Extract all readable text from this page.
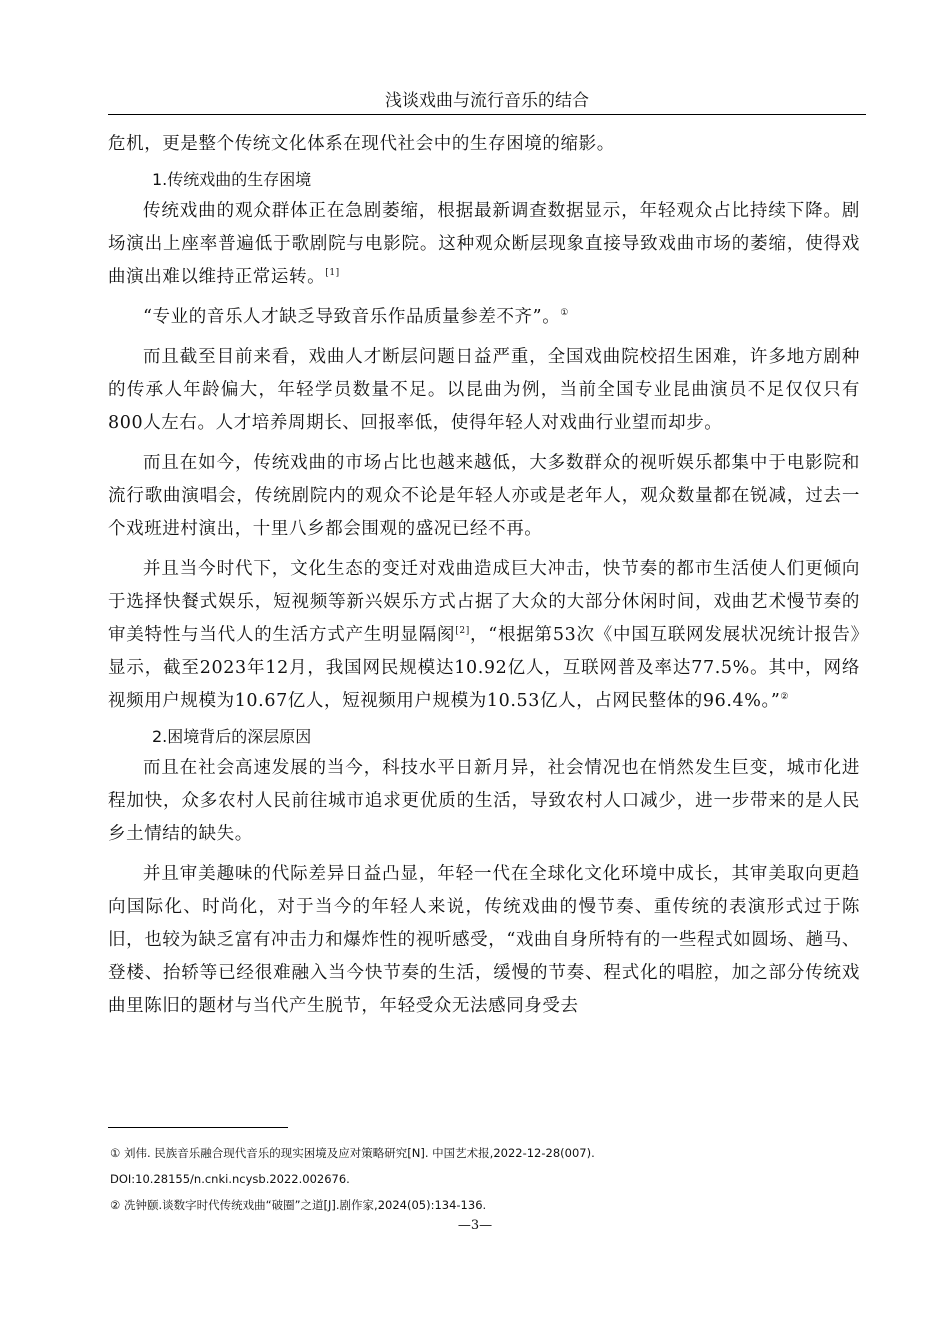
浅谈戏曲与流行音乐的结合

危机，更是整个传统文化体系在现代社会中的生存困境的缩影。

1.传统戏曲的生存困境

传统戏曲的观众群体正在急剧萎缩，根据最新调查数据显示，年轻观众占比持续下降。剧场演出上座率普遍低于歌剧院与电影院。这种观众断层现象直接导致戏曲市场的萎缩，使得戏曲演出难以维持正常运转。[1]

“专业的音乐人才缺乏导致音乐作品质量参差不齐”。①

而且截至目前来看，戏曲人才断层问题日益严重，全国戏曲院校招生困难，许多地方剧种的传承人年龄偏大，年轻学员数量不足。以昆曲为例，当前全国专业昆曲演员不足仅仅只有800人左右。人才培养周期长、回报率低，使得年轻人对戏曲行业望而却步。

而且在如今，传统戏曲的市场占比也越来越低，大多数群众的视听娱乐都集中于电影院和流行歌曲演唱会，传统剧院内的观众不论是年轻人亦或是老年人，观众数量都在锐减，过去一个戏班进村演出，十里八乡都会围观的盛况已经不再。

并且当今时代下，文化生态的变迁对戏曲造成巨大冲击，快节奏的都市生活使人们更倾向于选择快餐式娱乐，短视频等新兴娱乐方式占据了大众的大部分休闲时间，戏曲艺术慢节奏的审美特性与当代人的生活方式产生明显隔阂[2]，“根据第53次《中国互联网发展状况统计报告》显示，截至2023年12月，我国网民规模达10.92亿人，互联网普及率达77.5%。其中，网络视频用户规模为10.67亿人，短视频用户规模为10.53亿人，占网民整体的96.4%。”②

2.困境背后的深层原因

而且在社会高速发展的当今，科技水平日新月异，社会情况也在悄然发生巨变，城市化进程加快，众多农村人民前往城市追求更优质的生活，导致农村人口减少，进一步带来的是人民乡土情结的缺失。

并且审美趣味的代际差异日益凸显，年轻一代在全球化文化环境中成长，其审美取向更趋向国际化、时尚化，对于当今的年轻人来说，传统戏曲的慢节奏、重传统的表演形式过于陈旧，也较为缺乏富有冲击力和爆炸性的视听感受，“戏曲自身所特有的一些程式如圆场、趟马、登楼、抬轿等已经很难融入当今快节奏的生活，缓慢的节奏、程式化的唱腔，加之部分传统戏曲里陈旧的题材与当代产生脱节，年轻受众无法感同身受去

① 刘伟. 民族音乐融合现代音乐的现实困境及应对策略研究[N]. 中国艺术报,2022-12-28(007).
DOI:10.28155/n.cnki.ncysb.2022.002676.
② 冼钟颐.谈数字时代传统戏曲“破圈”之道[J].剧作家,2024(05):134-136.
—3—
